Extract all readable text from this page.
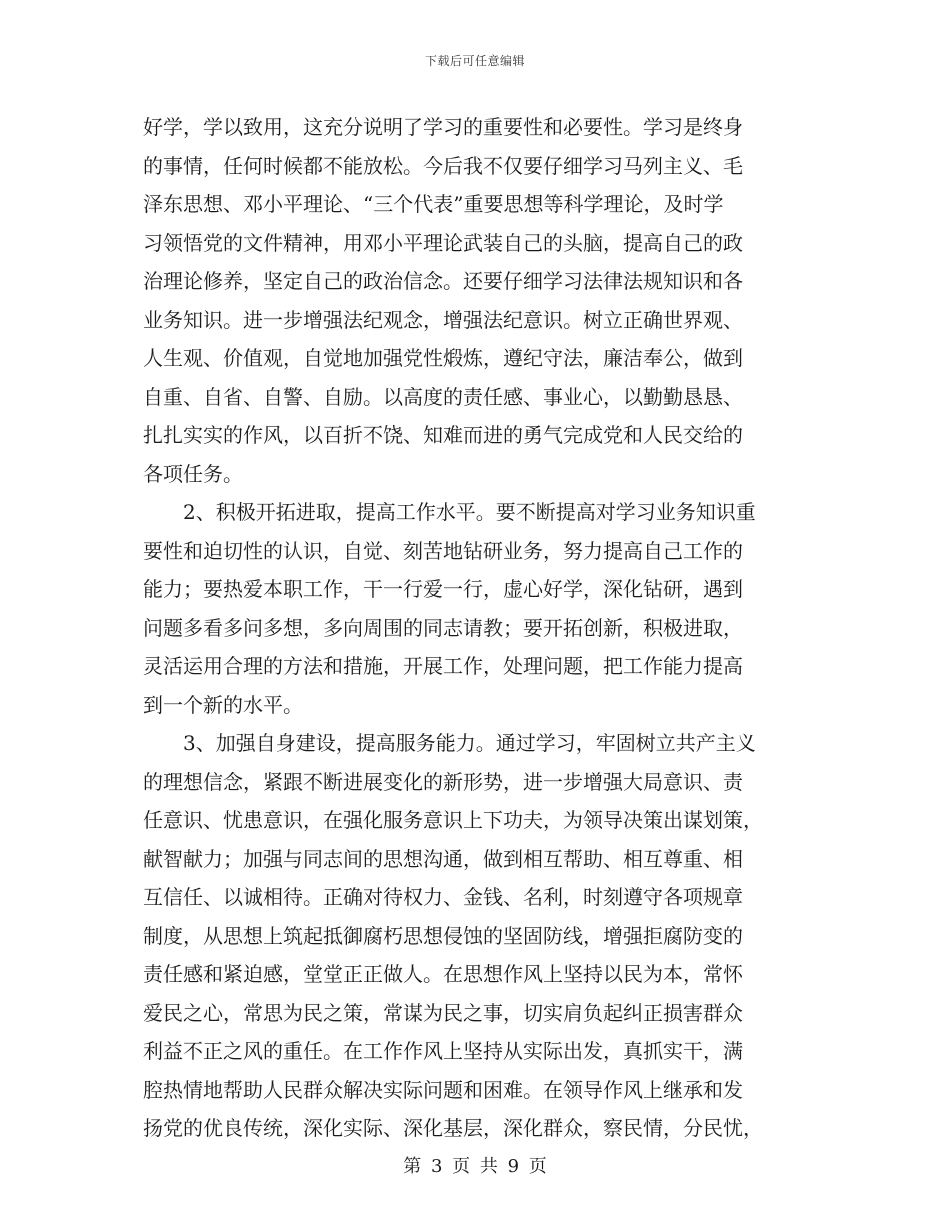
下载后可任意编辑
好学，学以致用，这充分说明了学习的重要性和必要性。学习是终身
的事情，任何时候都不能放松。今后我不仅要仔细学习马列主义、毛
泽东思想、邓小平理论、“三个代表”重要思想等科学理论，及时学
习领悟党的文件精神，用邓小平理论武装自己的头脑，提高自己的政
治理论修养，坚定自己的政治信念。还要仔细学习法律法规知识和各
业务知识。进一步增强法纪观念，增强法纪意识。树立正确世界观、
人生观、价值观，自觉地加强党性煅炼，遵纪守法，廉洁奉公，做到
自重、自省、自警、自励。以高度的责任感、事业心，以勤勤恳恳、
扎扎实实的作风，以百折不饶、知难而进的勇气完成党和人民交给的
各项任务。
　　2、积极开拓进取，提高工作水平。要不断提高对学习业务知识重
要性和迫切性的认识，自觉、刻苦地钻研业务，努力提高自己工作的
能力；要热爱本职工作，干一行爱一行，虚心好学，深化钻研，遇到
问题多看多问多想，多向周围的同志请教；要开拓创新，积极进取，
灵活运用合理的方法和措施，开展工作，处理问题，把工作能力提高
到一个新的水平。
　　3、加强自身建设，提高服务能力。通过学习，牢固树立共产主义
的理想信念，紧跟不断进展变化的新形势，进一步增强大局意识、责
任意识、忧患意识，在强化服务意识上下功夫，为领导决策出谋划策，
献智献力；加强与同志间的思想沟通，做到相互帮助、相互尊重、相
互信任、以诚相待。正确对待权力、金钱、名利，时刻遵守各项规章
制度，从思想上筑起抵御腐朽思想侵蚀的坚固防线，增强拒腐防变的
责任感和紧迫感，堂堂正正做人。在思想作风上坚持以民为本，常怀
爱民之心，常思为民之策，常谋为民之事，切实肩负起纠正损害群众
利益不正之风的重任。在工作作风上坚持从实际出发，真抓实干，满
腔热情地帮助人民群众解决实际问题和困难。在领导作风上继承和发
扬党的优良传统，深化实际、深化基层，深化群众，察民情，分民忧，
第 3 页 共 9 页
